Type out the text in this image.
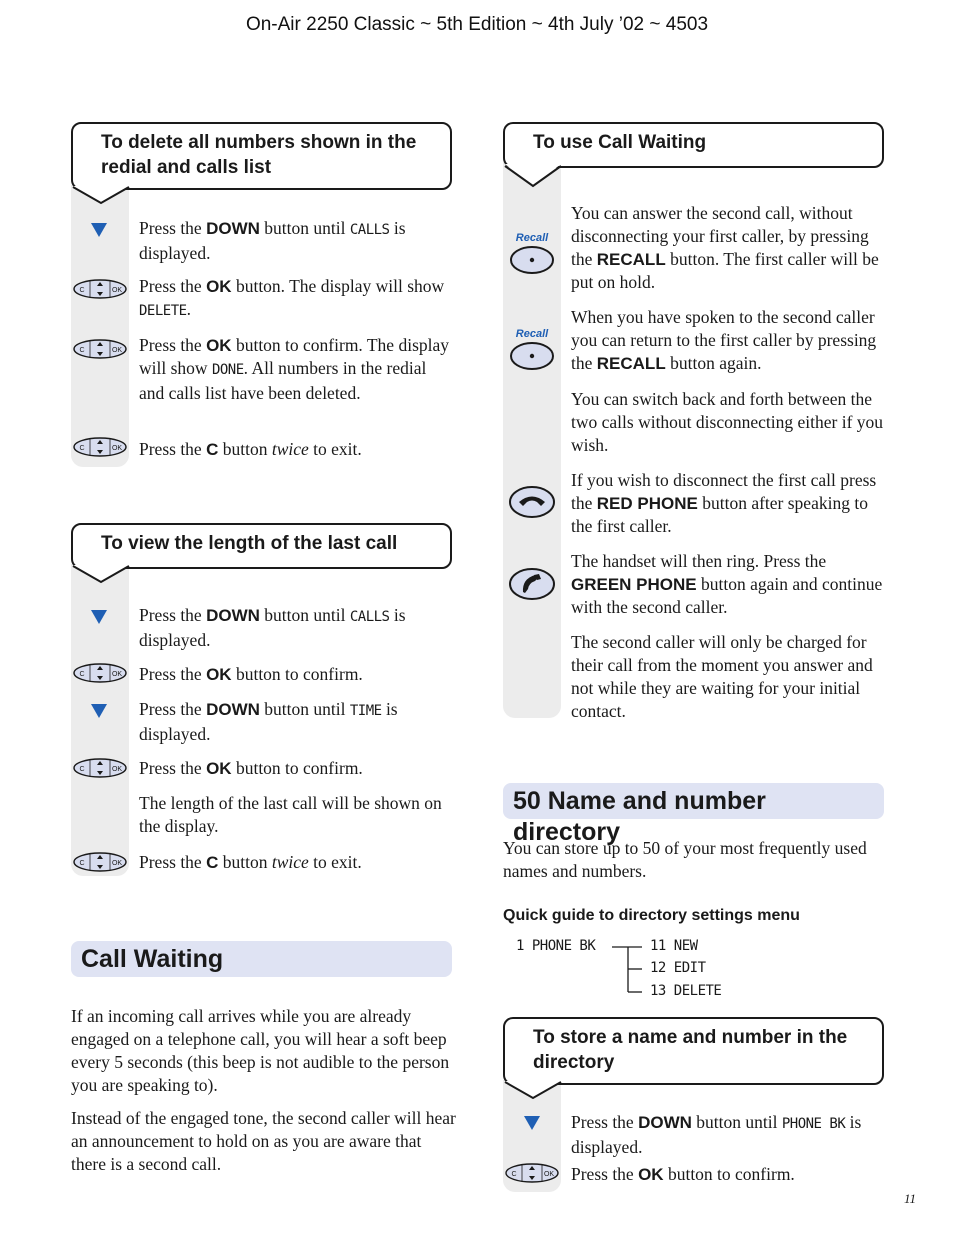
On-Air 2250 Classic ~ 5th Edition ~ 4th July ’02 ~ 4503
To delete all numbers shown in the redial and calls list
Press the DOWN button until CALLS is displayed.
C	OK Press the OK button. The display will show DELETE.
C	OK Press the OK button to confirm. The display will show DONE. All numbers in the redial and calls list have been deleted.
C	OK Press the C button twice to exit.
To view the length of the last call
Press the DOWN button until CALLS is displayed.
C	OK Press the OK button to confirm.
Press the DOWN button until TIME is displayed.
C	OK Press the OK button to confirm.
The length of the last call will be shown on the display.
C	OK Press the C button twice to exit.
Call Waiting
If an incoming call arrives while you are already engaged on a telephone call, you will hear a soft beep every 5 seconds (this beep is not audible to the person you are speaking to).
Instead of the engaged tone, the second caller will hear an announcement to hold on as you are aware that there is a second call.
To use Call Waiting
Recall
You can answer the second call, without disconnecting your first caller, by pressing the RECALL button. The first caller will be put on hold.
Recall
When you have spoken to the second caller you can return to the first caller by pressing the RECALL button again.
You can switch back and forth between the two calls without disconnecting either if you wish.
If you wish to disconnect the first call press the RED PHONE button after speaking to the first caller.
The handset will then ring. Press the GREEN PHONE button again and continue with the second caller.
The second caller will only be charged for their call from the moment you answer and not while they are waiting for your initial contact.
50 Name and number directory
You can store up to 50 of your most frequently used names and numbers.
Quick guide to directory settings menu
1 PHONE BK	11 NEW
12 EDIT
13 DELETE
To store a name and number in the directory
Press the DOWN button until PHONE BK is displayed.
C	OK Press the OK button to confirm.
11
